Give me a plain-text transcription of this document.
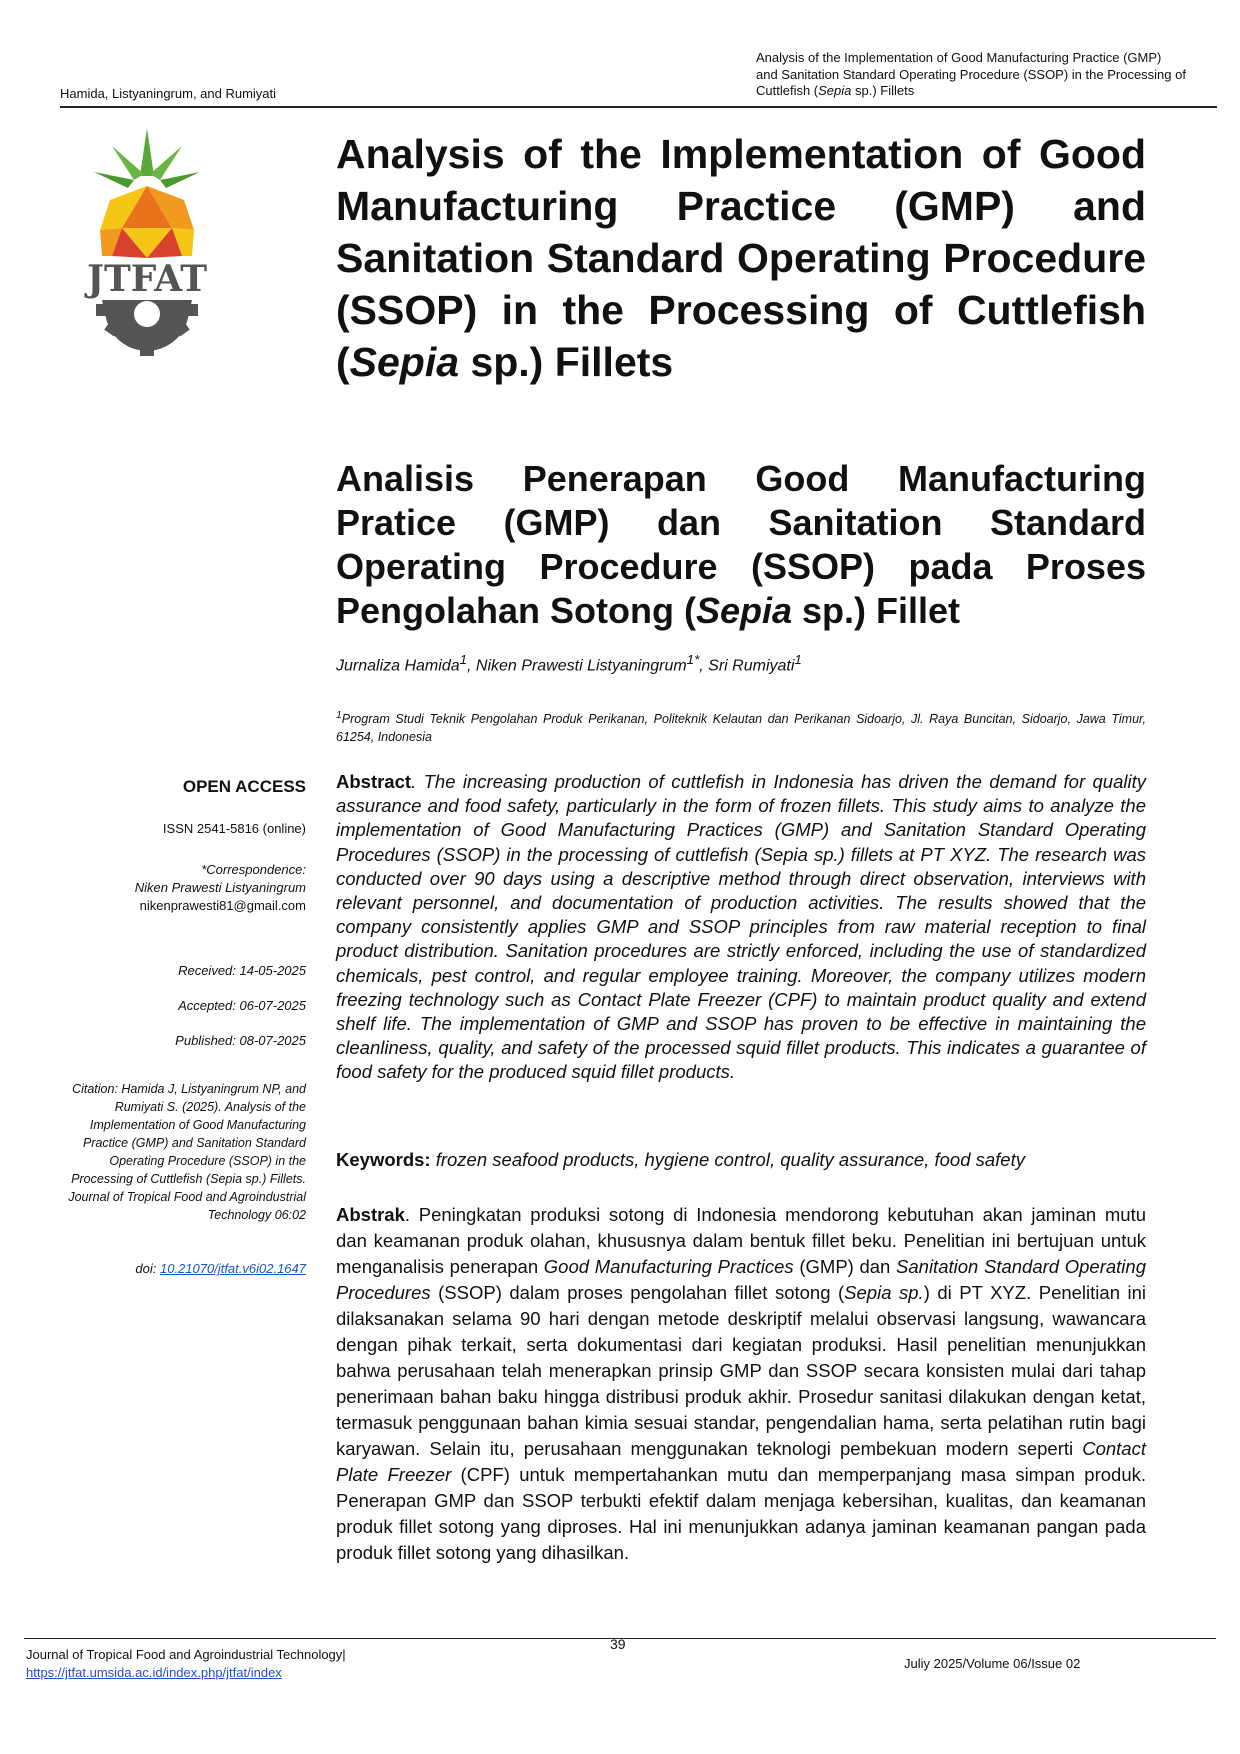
Hamida, Listyaningrum, and Rumiyati
Analysis of the Implementation of Good Manufacturing Practice (GMP) and Sanitation Standard Operating Procedure (SSOP) in the Processing of Cuttlefish (Sepia sp.) Fillets
JTFAT
Analysis of the Implementation of Good Manufacturing Practice (GMP) and Sanitation Standard Operating Procedure (SSOP) in the Processing of Cuttlefish (Sepia sp.) Fillets
Analisis Penerapan Good Manufacturing Pratice (GMP) dan Sanitation Standard Operating Procedure (SSOP) pada Proses Pengolahan Sotong (Sepia sp.) Fillet
Jurnaliza Hamida$^1$, Niken Prawesti Listyaningrum$^{1*}$, Sri Rumiyati$^1$
$^1$Program Studi Teknik Pengolahan Produk Perikanan, Politeknik Kelautan dan Perikanan Sidoarjo, Jl. Raya Buncitan, Sidoarjo, Jawa Timur, 61254, Indonesia
OPEN ACCESS
ISSN 2541-5816 (online)
*Correspondence:
Niken Prawesti Listyaningrum
nikenprawesti81@gmail.com
Received: 14-05-2025
Accepted: 06-07-2025
Published: 08-07-2025
Citation: Hamida J, Listyaningrum NP, and Rumiyati S. (2025). Analysis of the Implementation of Good Manufacturing Practice (GMP) and Sanitation Standard Operating Procedure (SSOP) in the Processing of Cuttlefish (Sepia sp.) Fillets. Journal of Tropical Food and Agroindustrial Technology 06:02
doi: 10.21070/jtfat.v6i02.1647
Abstract. The increasing production of cuttlefish in Indonesia has driven the demand for quality assurance and food safety, particularly in the form of frozen fillets. This study aims to analyze the implementation of Good Manufacturing Practices (GMP) and Sanitation Standard Operating Procedures (SSOP) in the processing of cuttlefish (Sepia sp.) fillets at PT XYZ. The research was conducted over 90 days using a descriptive method through direct observation, interviews with relevant personnel, and documentation of production activities. The results showed that the company consistently applies GMP and SSOP principles from raw material reception to final product distribution. Sanitation procedures are strictly enforced, including the use of standardized chemicals, pest control, and regular employee training. Moreover, the company utilizes modern freezing technology such as Contact Plate Freezer (CPF) to maintain product quality and extend shelf life. The implementation of GMP and SSOP has proven to be effective in maintaining the cleanliness, quality, and safety of the processed squid fillet products. This indicates a guarantee of food safety for the produced squid fillet products.
Keywords: frozen seafood products, hygiene control, quality assurance, food safety
Abstrak. Peningkatan produksi sotong di Indonesia mendorong kebutuhan akan jaminan mutu dan keamanan produk olahan, khususnya dalam bentuk fillet beku. Penelitian ini bertujuan untuk menganalisis penerapan Good Manufacturing Practices (GMP) dan Sanitation Standard Operating Procedures (SSOP) dalam proses pengolahan fillet sotong (Sepia sp.) di PT XYZ. Penelitian ini dilaksanakan selama 90 hari dengan metode deskriptif melalui observasi langsung, wawancara dengan pihak terkait, serta dokumentasi dari kegiatan produksi. Hasil penelitian menunjukkan bahwa perusahaan telah menerapkan prinsip GMP dan SSOP secara konsisten mulai dari tahap penerimaan bahan baku hingga distribusi produk akhir. Prosedur sanitasi dilakukan dengan ketat, termasuk penggunaan bahan kimia sesuai standar, pengendalian hama, serta pelatihan rutin bagi karyawan. Selain itu, perusahaan menggunakan teknologi pembekuan modern seperti Contact Plate Freezer (CPF) untuk mempertahankan mutu dan memperpanjang masa simpan produk. Penerapan GMP dan SSOP terbukti efektif dalam menjaga kebersihan, kualitas, dan keamanan produk fillet sotong yang diproses. Hal ini menunjukkan adanya jaminan keamanan pangan pada produk fillet sotong yang dihasilkan.
Journal of Tropical Food and Agroindustrial Technology|
https://jtfat.umsida.ac.id/index.php/jtfat/index
39
Juliy 2025/Volume 06/Issue 02
